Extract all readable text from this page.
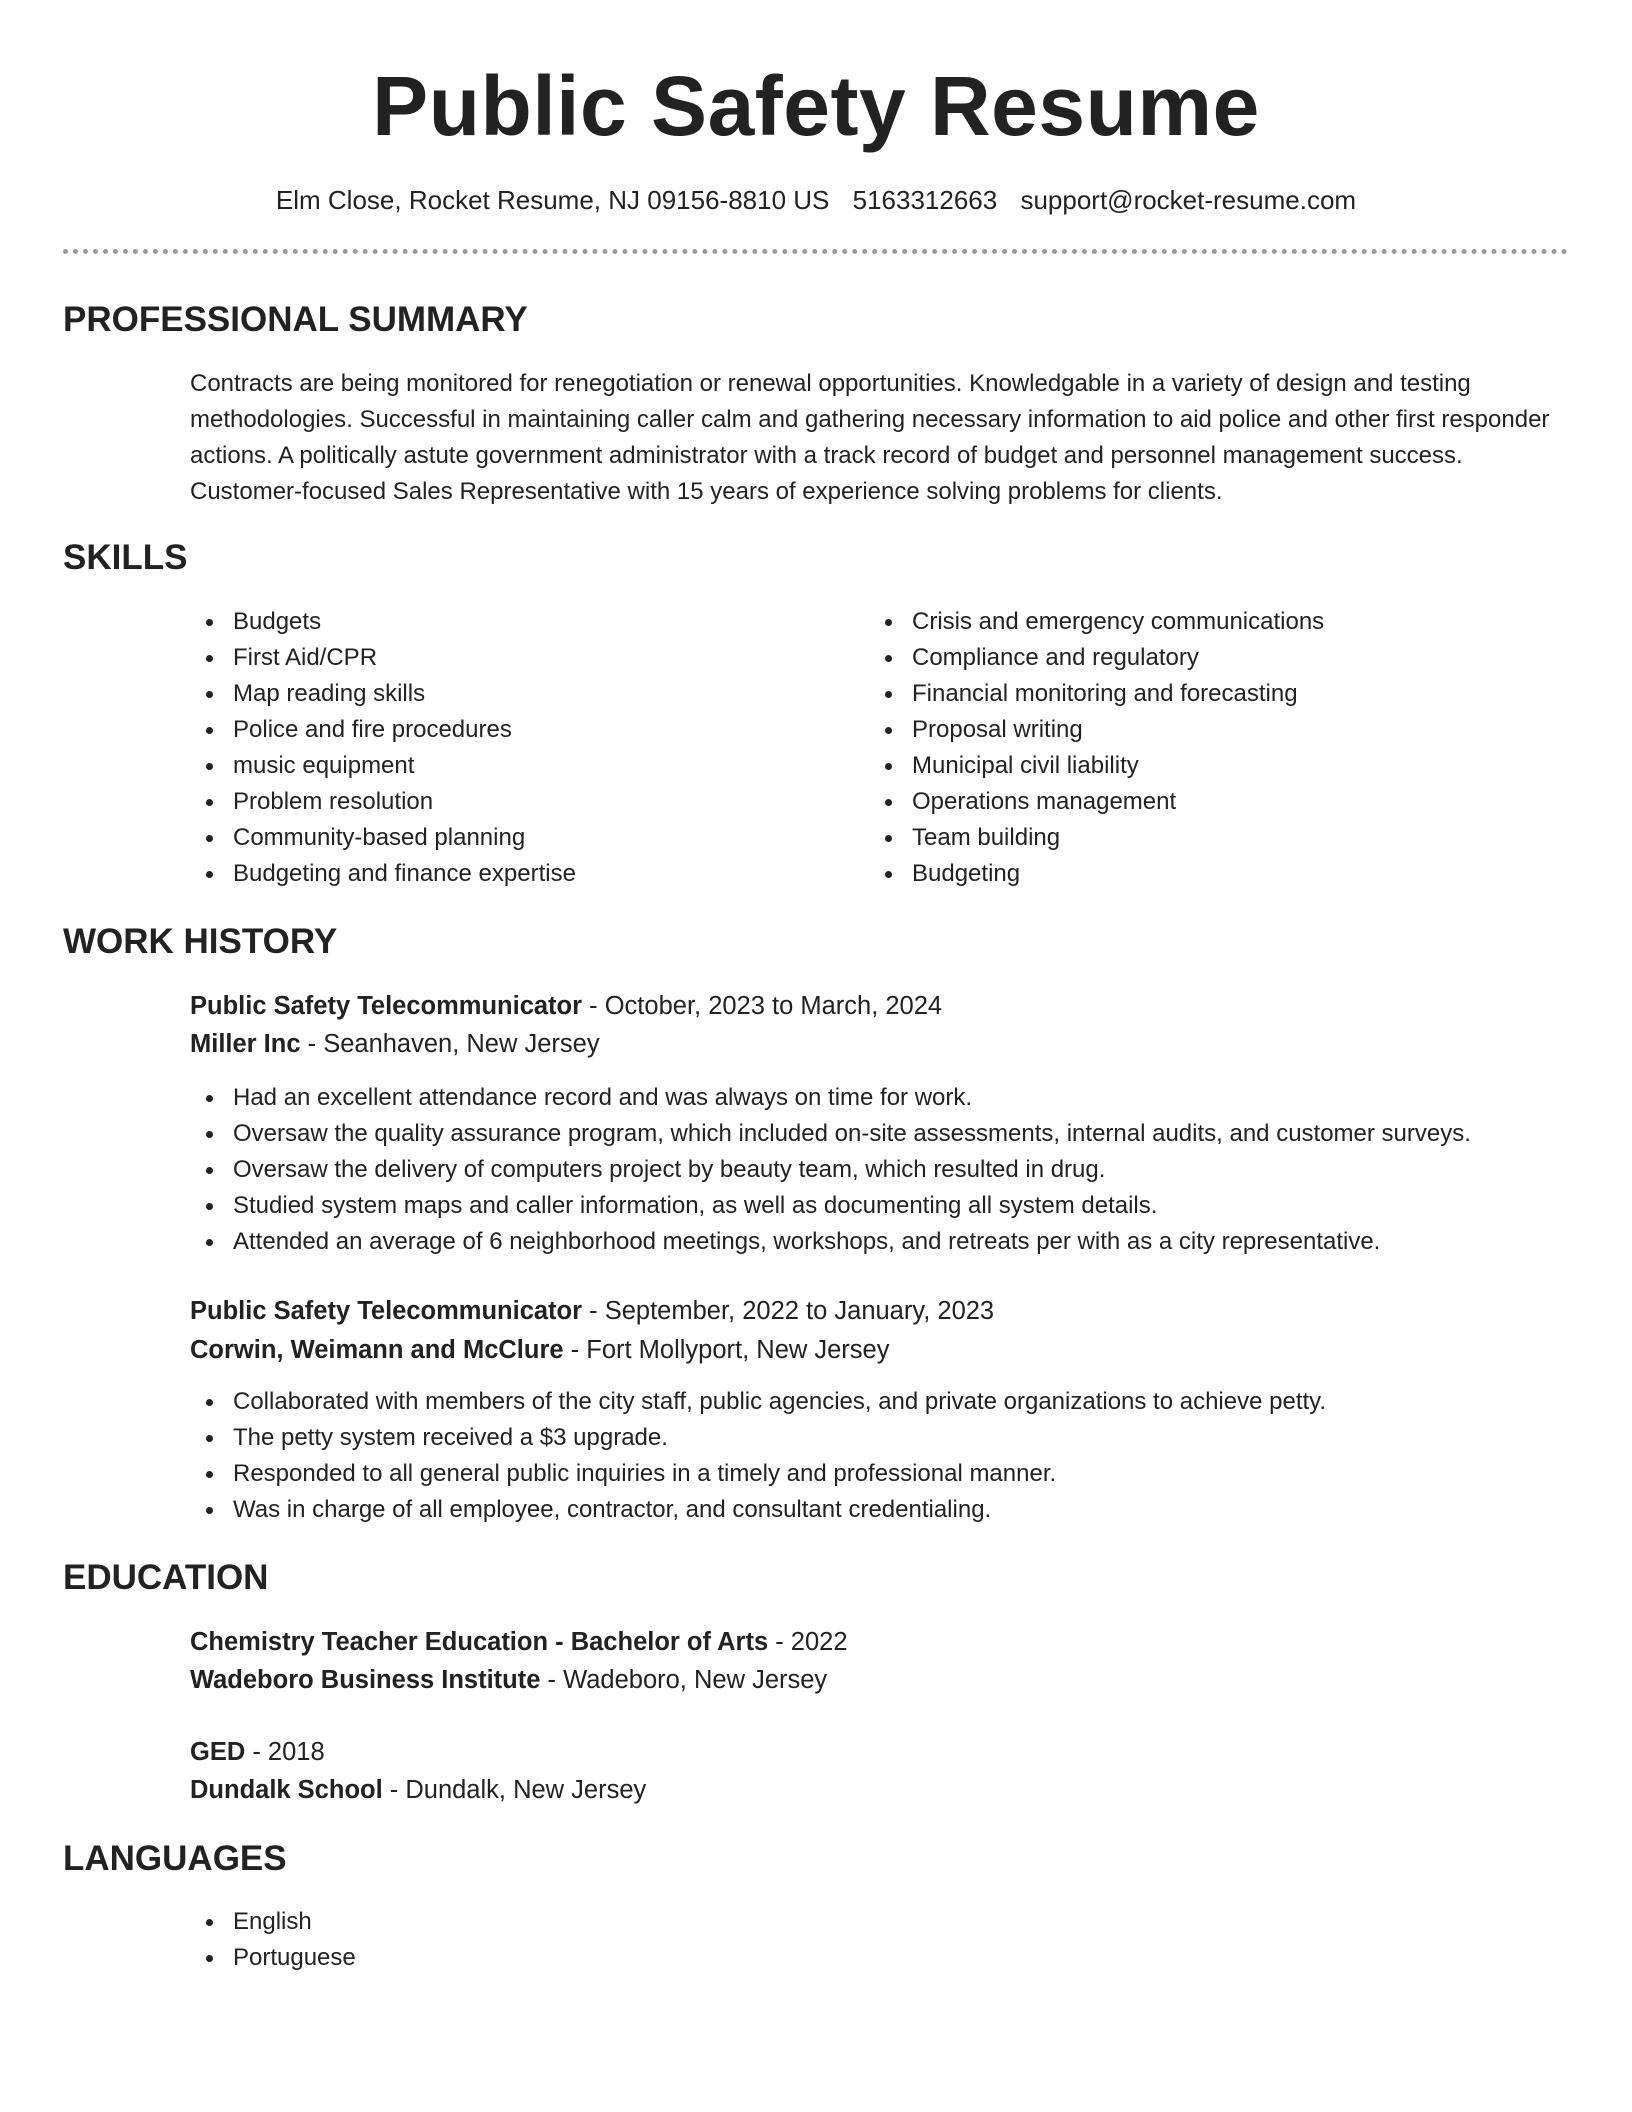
Public Safety Resume
Elm Close, Rocket Resume, NJ 09156-8810 US 5163312663 support@rocket-resume.com
PROFESSIONAL SUMMARY

Contracts are being monitored for renegotiation or renewal opportunities. Knowledgable in a variety of design and testing methodologies. Successful in maintaining caller calm and gathering necessary information to aid police and other first responder actions. A politically astute government administrator with a track record of budget and personnel management success. Customer-focused Sales Representative with 15 years of experience solving problems for clients.

SKILLS
Budgets
First Aid/CPR
Map reading skills
Police and fire procedures
music equipment
Problem resolution
Community-based planning
Budgeting and finance expertise
Crisis and emergency communications
Compliance and regulatory
Financial monitoring and forecasting
Proposal writing
Municipal civil liability
Operations management
Team building
Budgeting
WORK HISTORY
Public Safety Telecommunicator - October, 2023 to March, 2024
Miller Inc - Seanhaven, New Jersey
Had an excellent attendance record and was always on time for work.
Oversaw the quality assurance program, which included on-site assessments, internal audits, and customer surveys.
Oversaw the delivery of computers project by beauty team, which resulted in drug.
Studied system maps and caller information, as well as documenting all system details.
Attended an average of 6 neighborhood meetings, workshops, and retreats per with as a city representative.
Public Safety Telecommunicator - September, 2022 to January, 2023
Corwin, Weimann and McClure - Fort Mollyport, New Jersey
Collaborated with members of the city staff, public agencies, and private organizations to achieve petty.
The petty system received a $3 upgrade.
Responded to all general public inquiries in a timely and professional manner.
Was in charge of all employee, contractor, and consultant credentialing.
EDUCATION
Chemistry Teacher Education - Bachelor of Arts - 2022
Wadeboro Business Institute - Wadeboro, New Jersey
GED - 2018
Dundalk School - Dundalk, New Jersey
LANGUAGES
English
Portuguese
